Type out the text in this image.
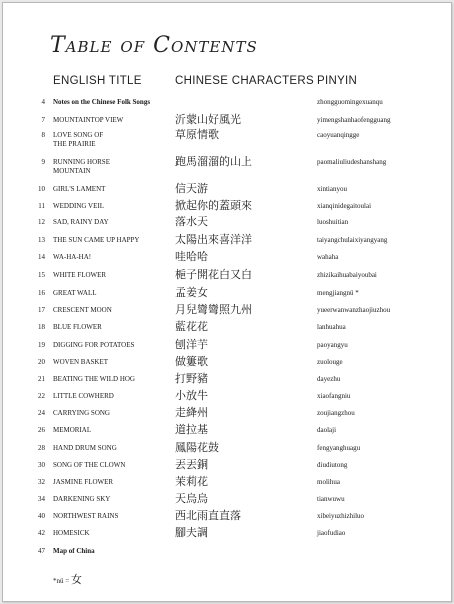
Table of Contents
ENGLISH TITLE	CHINESE CHARACTERS PINYIN
4 Notes on the Chinese Folk Songs	zhongguomingexuanqu
7 MOUNTAINTOP VIEW	沂蒙山好風光	yimengshanhaofengguang
8 LOVE SONG OF
THE PRAIRIE
草原情歌	caoyuanqingge
9 RUNNING HORSE
MOUNTAIN
跑馬溜溜的山上	paomaliuliudeshanshang
10 GIRL'S LAMENT	信天游	xintianyou
11 WEDDING VEIL	掀起你的蓋頭來	xianqinidegaitoulai
12 SAD, RAINY DAY	落水天	luoshuitian
13 THE SUN CAME UP HAPPY	太陽出來喜洋洋	taiyangchulaixiyangyang
14 WA-HA-HA!	哇哈哈	wahaha
15 WHITE FLOWER	梔子開花白又白	zhizikaihuabaiyoubai
16 GREAT WALL	孟姜女	mengjiangnü *
17 CRESCENT MOON	月兒彎彎照九州	yueerwanwanzhaojiuzhou
18 BLUE FLOWER	藍花花	lanhuahua
19 DIGGING FOR POTATOES	刨洋芋	paoyangyu
20 WOVEN BASKET	做簍歌	zuolouge
21 BEATING THE WILD HOG	打野豬	dayezhu
22 LITTLE COWHERD	小放牛	xiaofangniu
24 CARRYING SONG	走絳州	zoujiangzhou
26 MEMORIAL	道拉基	daolaji
28 HAND DRUM SONG	鳳陽花鼓	fengyanghuagu
30 SONG OF THE CLOWN	丟丟銅	diudiutong
32 JASMINE FLOWER	茉莉花	molihua
34 DARKENING SKY	天烏烏	tianwuwu
40 NORTHWEST RAINS	西北雨直直落	xibeiyuzhizhiluo
42 HOMESICK	腳夫調	jiaofudiao
47 Map of China
*nü = 女
